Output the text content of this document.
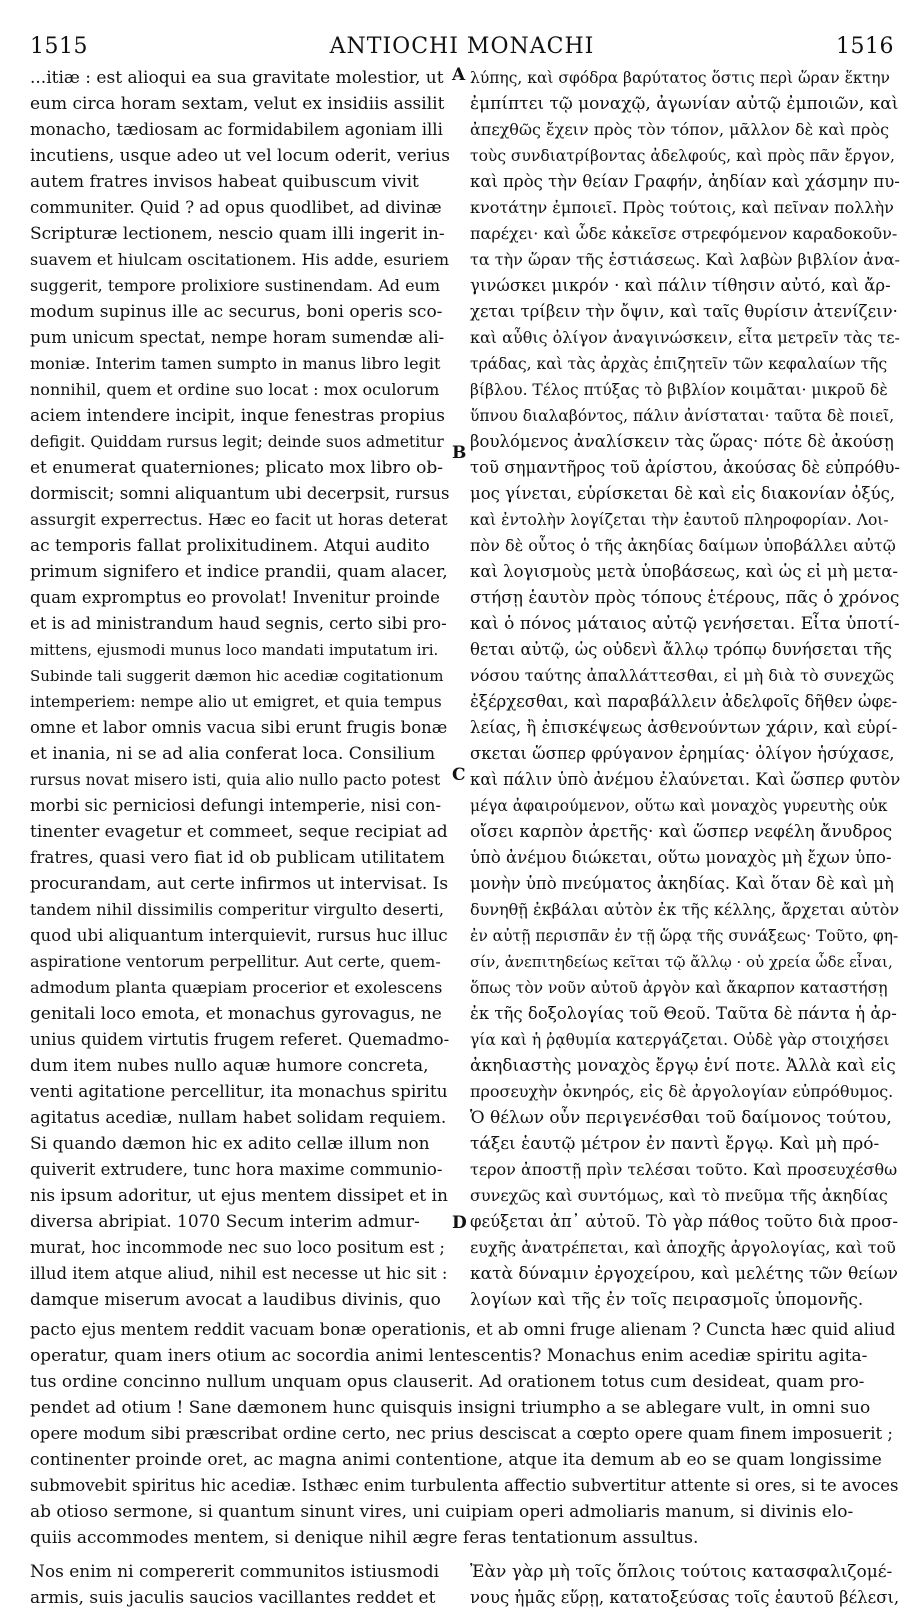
1515	ANTIOCHI MONACHI	1516
...itiæ : est alioqui ea sua gravitate molestior, ut
eum circa horam sextam, velut ex insidiis assilit
monacho, tædiosam ac formidabilem agoniam illi
incutiens, usque adeo ut vel locum oderit, verius
autem fratres invisos habeat quibuscum vivit
communiter. Quid ? ad opus quodlibet, ad divinæ
Scripturæ lectionem, nescio quam illi ingerit in-
suavem et hiulcam oscitationem. His adde, esuriem
suggerit, tempore prolixiore sustinendam. Ad eum
modum supinus ille ac securus, boni operis sco-
pum unicum spectat, nempe horam sumendæ ali-
moniæ. Interim tamen sumpto in manus libro legit
nonnihil, quem et ordine suo locat : mox oculorum
aciem intendere incipit, inque fenestras propius
defigit. Quiddam rursus legit; deinde suos admetitur
et enumerat quaterniones; plicato mox libro ob-
dormiscit; somni aliquantum ubi decerpsit, rursus
assurgit experrectus. Hæc eo facit ut horas deterat
ac temporis fallat prolixitudinem. Atqui audito
primum signifero et indice prandii, quam alacer,
quam expromptus eo provolat! Invenitur proinde
et is ad ministrandum haud segnis, certo sibi pro-
mittens, ejusmodi munus loco mandati imputatum iri.
Subinde tali suggerit dæmon hic acediæ cogitationum
intemperiem: nempe alio ut emigret, et quia tempus
omne et labor omnis vacua sibi erunt frugis bonæ
et inania, ni se ad alia conferat loca. Consilium
rursus novat misero isti, quia alio nullo pacto potest
morbi sic perniciosi defungi intemperie, nisi con-
tinenter evagetur et commeet, seque recipiat ad
fratres, quasi vero fiat id ob publicam utilitatem
procurandam, aut certe infirmos ut intervisat. Is
tandem nihil dissimilis comperitur virgulto deserti,
quod ubi aliquantum interquievit, rursus huc illuc
aspiratione ventorum perpellitur. Aut certe, quem-
admodum planta quæpiam procerior et exolescens
genitali loco emota, et monachus gyrovagus, ne
unius quidem virtutis frugem referet. Quemadmo-
dum item nubes nullo aquæ humore concreta,
venti agitatione percellitur, ita monachus spiritu
agitatus acediæ, nullam habet solidam requiem.
Si quando dæmon hic ex adito cellæ illum non
quiverit extrudere, tunc hora maxime communio-
nis ipsum adoritur, ut ejus mentem dissipet et in
diversa abripiat. 1070 Secum interim admur-
murat, hoc incommode nec suo loco positum est ;
illud item atque aliud, nihil est necesse ut hic sit :
damque miserum avocat a laudibus divinis, quo
λύπης, καὶ σφόδρα βαρύτατος ὅστις περὶ ὥραν ἕκτην
ἐμπίπτει τῷ μοναχῷ, ἀγωνίαν αὐτῷ ἐμποιῶν, καὶ
ἀπεχθῶς ἔχειν πρὸς τὸν τόπον, μᾶλλον δὲ καὶ πρὸς
τοὺς συνδιατρίβοντας ἀδελφούς, καὶ πρὸς πᾶν ἔργον,
καὶ πρὸς τὴν θείαν Γραφήν, ἀηδίαν καὶ χάσμην πυ-
κνοτάτην ἐμποιεῖ. Πρὸς τούτοις, καὶ πεῖναν πολλὴν
παρέχει· καὶ ὧδε κἀκεῖσε στρεφόμενον καραδοκοῦν-
τα τὴν ὥραν τῆς ἑστιάσεως. Καὶ λαβὼν βιβλίον ἀνα-
γινώσκει μικρόν · καὶ πάλιν τίθησιν αὐτό, καὶ ἄρ-
χεται τρίβειν τὴν ὄψιν, καὶ ταῖς θυρίσιν ἀτενίζειν·
καὶ αὖθις ὀλίγον ἀναγινώσκειν, εἶτα μετρεῖν τὰς τε-
τράδας, καὶ τὰς ἀρχὰς ἐπιζητεῖν τῶν κεφαλαίων τῆς
βίβλου. Τέλος πτύξας τὸ βιβλίον κοιμᾶται· μικροῦ δὲ
ὕπνου διαλαβόντος, πάλιν ἀνίσταται· ταῦτα δὲ ποιεῖ,
βουλόμενος ἀναλίσκειν τὰς ὥρας· πότε δὲ ἀκούσῃ
τοῦ σημαντῆρος τοῦ ἀρίστου, ἀκούσας δὲ εὐπρόθυ-
μος γίνεται, εὑρίσκεται δὲ καὶ εἰς διακονίαν ὀξύς,
καὶ ἐντολὴν λογίζεται τὴν ἑαυτοῦ πληροφορίαν. Λοι-
πὸν δὲ οὗτος ὁ τῆς ἀκηδίας δαίμων ὑποβάλλει αὐτῷ
καὶ λογισμοὺς μετὰ ὑποβάσεως, καὶ ὡς εἰ μὴ μετα-
στήσῃ ἑαυτὸν πρὸς τόπους ἑτέρους, πᾶς ὁ χρόνος
καὶ ὁ πόνος μάταιος αὐτῷ γενήσεται. Εἶτα ὑποτί-
θεται αὐτῷ, ὡς οὐδενὶ ἄλλῳ τρόπῳ δυνήσεται τῆς
νόσου ταύτης ἀπαλλάττεσθαι, εἰ μὴ διὰ τὸ συνεχῶς
ἐξέρχεσθαι, καὶ παραβάλλειν ἀδελφοῖς δῆθεν ὠφε-
λείας, ἢ ἐπισκέψεως ἀσθενούντων χάριν, καὶ εὑρί-
σκεται ὥσπερ φρύγανον ἐρημίας· ὀλίγον ἡσύχασε,
καὶ πάλιν ὑπὸ ἀνέμου ἐλαύνεται. Καὶ ὥσπερ φυτὸν
μέγα ἀφαιρούμενον, οὕτω καὶ μοναχὸς γυρευτὴς οὐκ
οἴσει καρπὸν ἀρετῆς· καὶ ὥσπερ νεφέλη ἄνυδρος
ὑπὸ ἀνέμου διώκεται, οὕτω μοναχὸς μὴ ἔχων ὑπο-
μονὴν ὑπὸ πνεύματος ἀκηδίας. Καὶ ὅταν δὲ καὶ μὴ
δυνηθῇ ἐκβάλαι αὐτὸν ἐκ τῆς κέλλης, ἄρχεται αὐτὸν
ἐν αὐτῇ περισπᾶν ἐν τῇ ὥρᾳ τῆς συνάξεως· Τοῦτο, φη-
σίν, ἀνεπιτηδείως κεῖται τῷ ἄλλῳ · οὐ χρεία ὧδε εἶναι,
ὅπως τὸν νοῦν αὐτοῦ ἀργὸν καὶ ἄκαρπον καταστήσῃ
ἐκ τῆς δοξολογίας τοῦ Θεοῦ. Ταῦτα δὲ πάντα ἡ ἀρ-
γία καὶ ἡ ῥᾳθυμία κατεργάζεται. Οὐδὲ γὰρ στοιχήσει
ἀκηδιαστὴς μοναχὸς ἔργῳ ἑνί ποτε. Ἀλλὰ καὶ εἰς
προσευχὴν ὀκνηρός, εἰς δὲ ἀργολογίαν εὐπρόθυμος.
Ὁ θέλων οὖν περιγενέσθαι τοῦ δαίμονος τούτου,
τάξει ἑαυτῷ μέτρον ἐν παντὶ ἔργῳ. Καὶ μὴ πρό-
τερον ἀποστῇ πρὶν τελέσαι τοῦτο. Καὶ προσευχέσθω
συνεχῶς καὶ συντόμως, καὶ τὸ πνεῦμα τῆς ἀκηδίας
φεύξεται ἀπ᾽ αὐτοῦ. Τὸ γὰρ πάθος τοῦτο διὰ προσ-
ευχῆς ἀνατρέπεται, καὶ ἀποχῆς ἀργολογίας, καὶ τοῦ
κατὰ δύναμιν ἐργοχείρου, καὶ μελέτης τῶν θείων
λογίων καὶ τῆς ἐν τοῖς πειρασμοῖς ὑπομονῆς.
pacto ejus mentem reddit vacuam bonæ operationis, et ab omni fruge alienam ? Cuncta hæc quid aliud
operatur, quam iners otium ac socordia animi lentescentis? Monachus enim acediæ spiritu agita-
tus ordine concinno nullum unquam opus clauserit. Ad orationem totus cum desideat, quam pro-
pendet ad otium ! Sane dæmonem hunc quisquis insigni triumpho a se ablegare vult, in omni suo
opere modum sibi præscribat ordine certo, nec prius desciscat a cœpto opere quam finem imposuerit ;
continenter proinde oret, ac magna animi contentione, atque ita demum ab eo se quam longissime
submovebit spiritus hic acediæ. Isthæc enim turbulenta affectio subvertitur attente si ores, si te avoces
ab otioso sermone, si quantum sinunt vires, uni cuipiam operi admoliaris manum, si divinis elo-
quiis accommodes mentem, si denique nihil ægre feras tentationum assultus.
Nos enim ni compererit communitos istiusmodi
armis, suis jaculis saucios vacillantes reddet et
Ἐὰν γὰρ μὴ τοῖς ὅπλοις τούτοις κατασφαλιζομέ-
νους ἡμᾶς εὕρῃ, κατατοξεύσας τοῖς ἑαυτοῦ βέλεσι,
A
B
C
D
